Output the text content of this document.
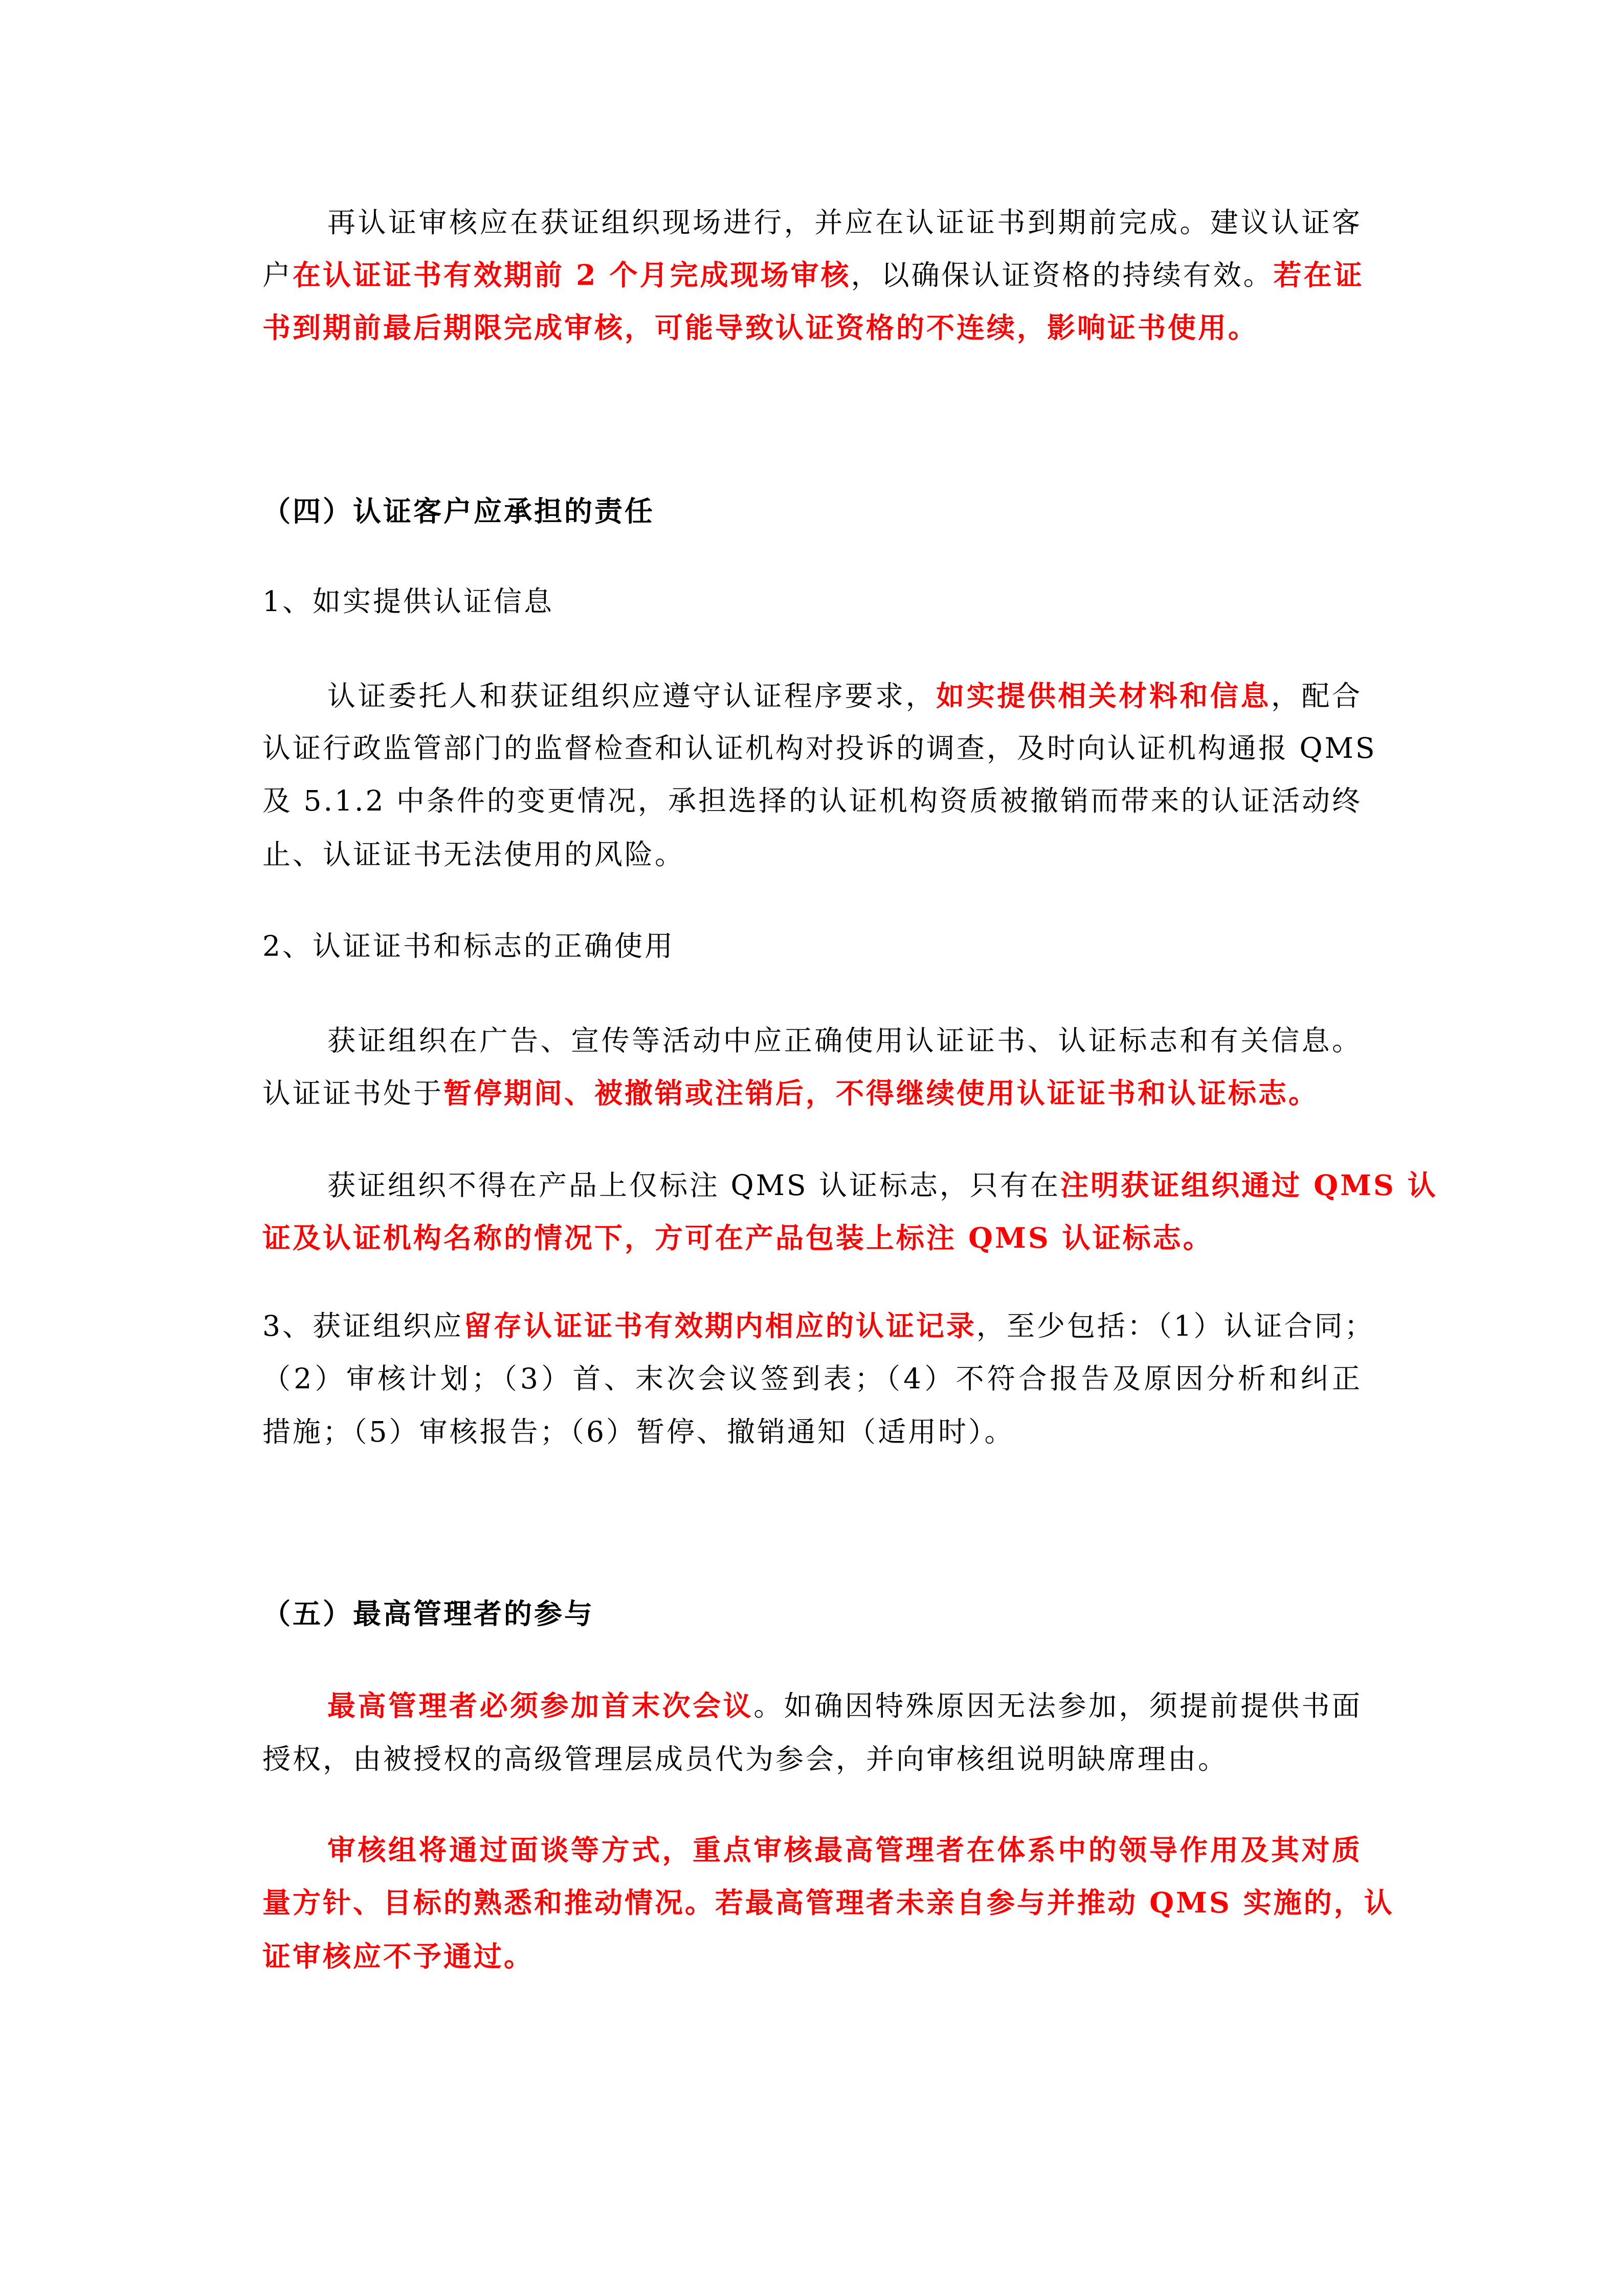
再认证审核应在获证组织现场进行，并应在认证证书到期前完成。建议认证客
户在认证证书有效期前 2 个月完成现场审核，以确保认证资格的持续有效。若在证
书到期前最后期限完成审核，可能导致认证资格的不连续，影响证书使用。
（四）认证客户应承担的责任
1、如实提供认证信息
认证委托人和获证组织应遵守认证程序要求，如实提供相关材料和信息，配合
认证行政监管部门的监督检查和认证机构对投诉的调查，及时向认证机构通报 QMS
及 5.1.2 中条件的变更情况，承担选择的认证机构资质被撤销而带来的认证活动终
止、认证证书无法使用的风险。
2、认证证书和标志的正确使用
获证组织在广告、宣传等活动中应正确使用认证证书、认证标志和有关信息。
认证证书处于暂停期间、被撤销或注销后，不得继续使用认证证书和认证标志。
获证组织不得在产品上仅标注 QMS 认证标志，只有在注明获证组织通过 QMS 认
证及认证机构名称的情况下，方可在产品包装上标注 QMS 认证标志。
3、获证组织应留存认证证书有效期内相应的认证记录，至少包括：（1）认证合同；
（2）审核计划；（3）首、末次会议签到表；（4）不符合报告及原因分析和纠正
措施；（5）审核报告；（6）暂停、撤销通知（适用时）。
（五）最高管理者的参与
最高管理者必须参加首末次会议。如确因特殊原因无法参加，须提前提供书面
授权，由被授权的高级管理层成员代为参会，并向审核组说明缺席理由。
审核组将通过面谈等方式，重点审核最高管理者在体系中的领导作用及其对质
量方针、目标的熟悉和推动情况。若最高管理者未亲自参与并推动 QMS 实施的，认
证审核应不予通过。
